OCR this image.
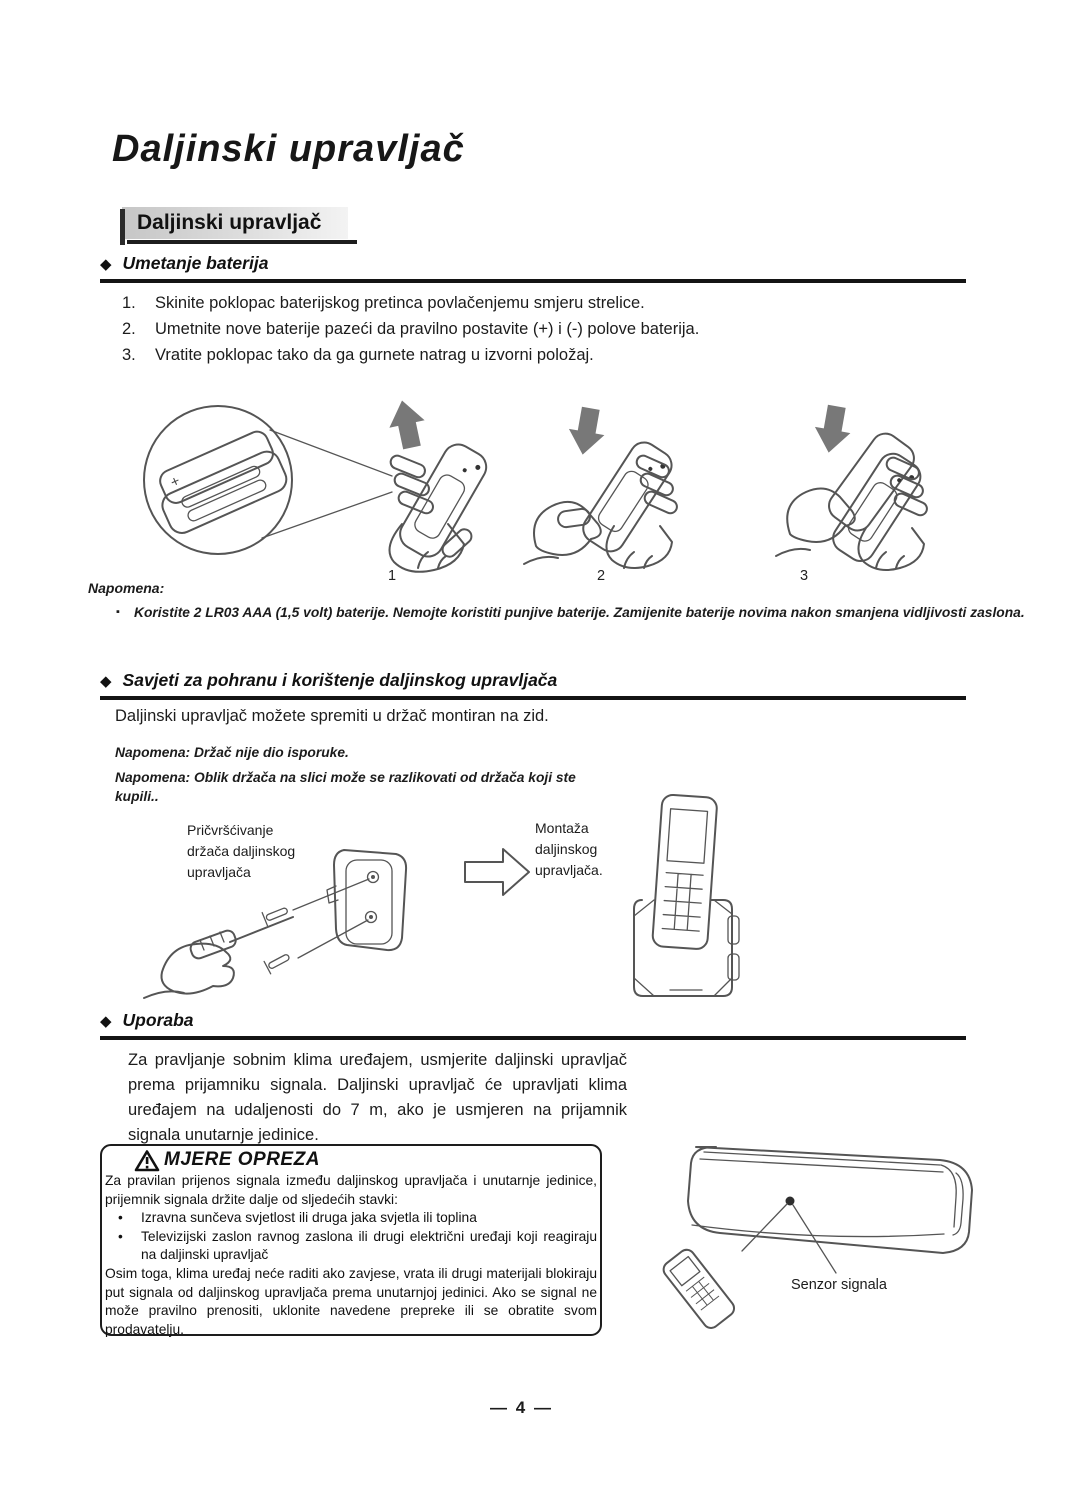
Daljinski upravljač
Daljinski upravljač
◆ Umetanje baterija
1.	Skinite poklopac baterijskog pretinca povlačenjemu smjeru strelice.
2.	Umetnite nove baterije pazeći da pravilno postavite (+) i (-) polove baterija.
3.	Vratite poklopac tako da ga gurnete natrag u izvorni položaj.
+
1	2	3
Napomena:
▪ Koristite 2 LR03 AAA (1,5 volt) baterije. Nemojte koristiti punjive baterije. Zamijenite baterije novima nakon smanjena vidljivosti zaslona.
◆ Savjeti za pohranu i korištenje daljinskog upravljača
Daljinski upravljač možete spremiti u držač montiran na zid.
Napomena: Držač nije dio isporuke.
Napomena: Oblik držača na slici može se razlikovati od držača koji ste kupili..
Pričvršćivanje držača daljinskog upravljača
Montaža daljinskog upravljača.
◆ Uporaba
Za pravljanje sobnim klima uređajem, usmjerite daljinski upravljač prema prijamniku signala. Daljinski upravljač će upravljati klima uređajem na udaljenosti do 7 m, ako je usmjeren na prijamnik signala unutarnje jedinice.
MJERE OPREZA

Za pravilan prijenos signala između daljinskog upravljača i unutarnje jedinice, prijemnik signala držite dalje od sljedećih stavki:

• Izravna sunčeva svjetlost ili druga jaka svjetla ili toplina

• Televizijski zaslon ravnog zaslona ili drugi električni uređaji koji reagiraju na daljinski upravljač

Osim toga, klima uređaj neće raditi ako zavjese, vrata ili drugi materijali blokiraju put signala od daljinskog upravljača prema unutarnjoj jedinici. Ako se signal ne može pravilno prenositi, uklonite navedene prepreke ili se obratite svom prodavatelju.

Senzor signala
— 4 —
